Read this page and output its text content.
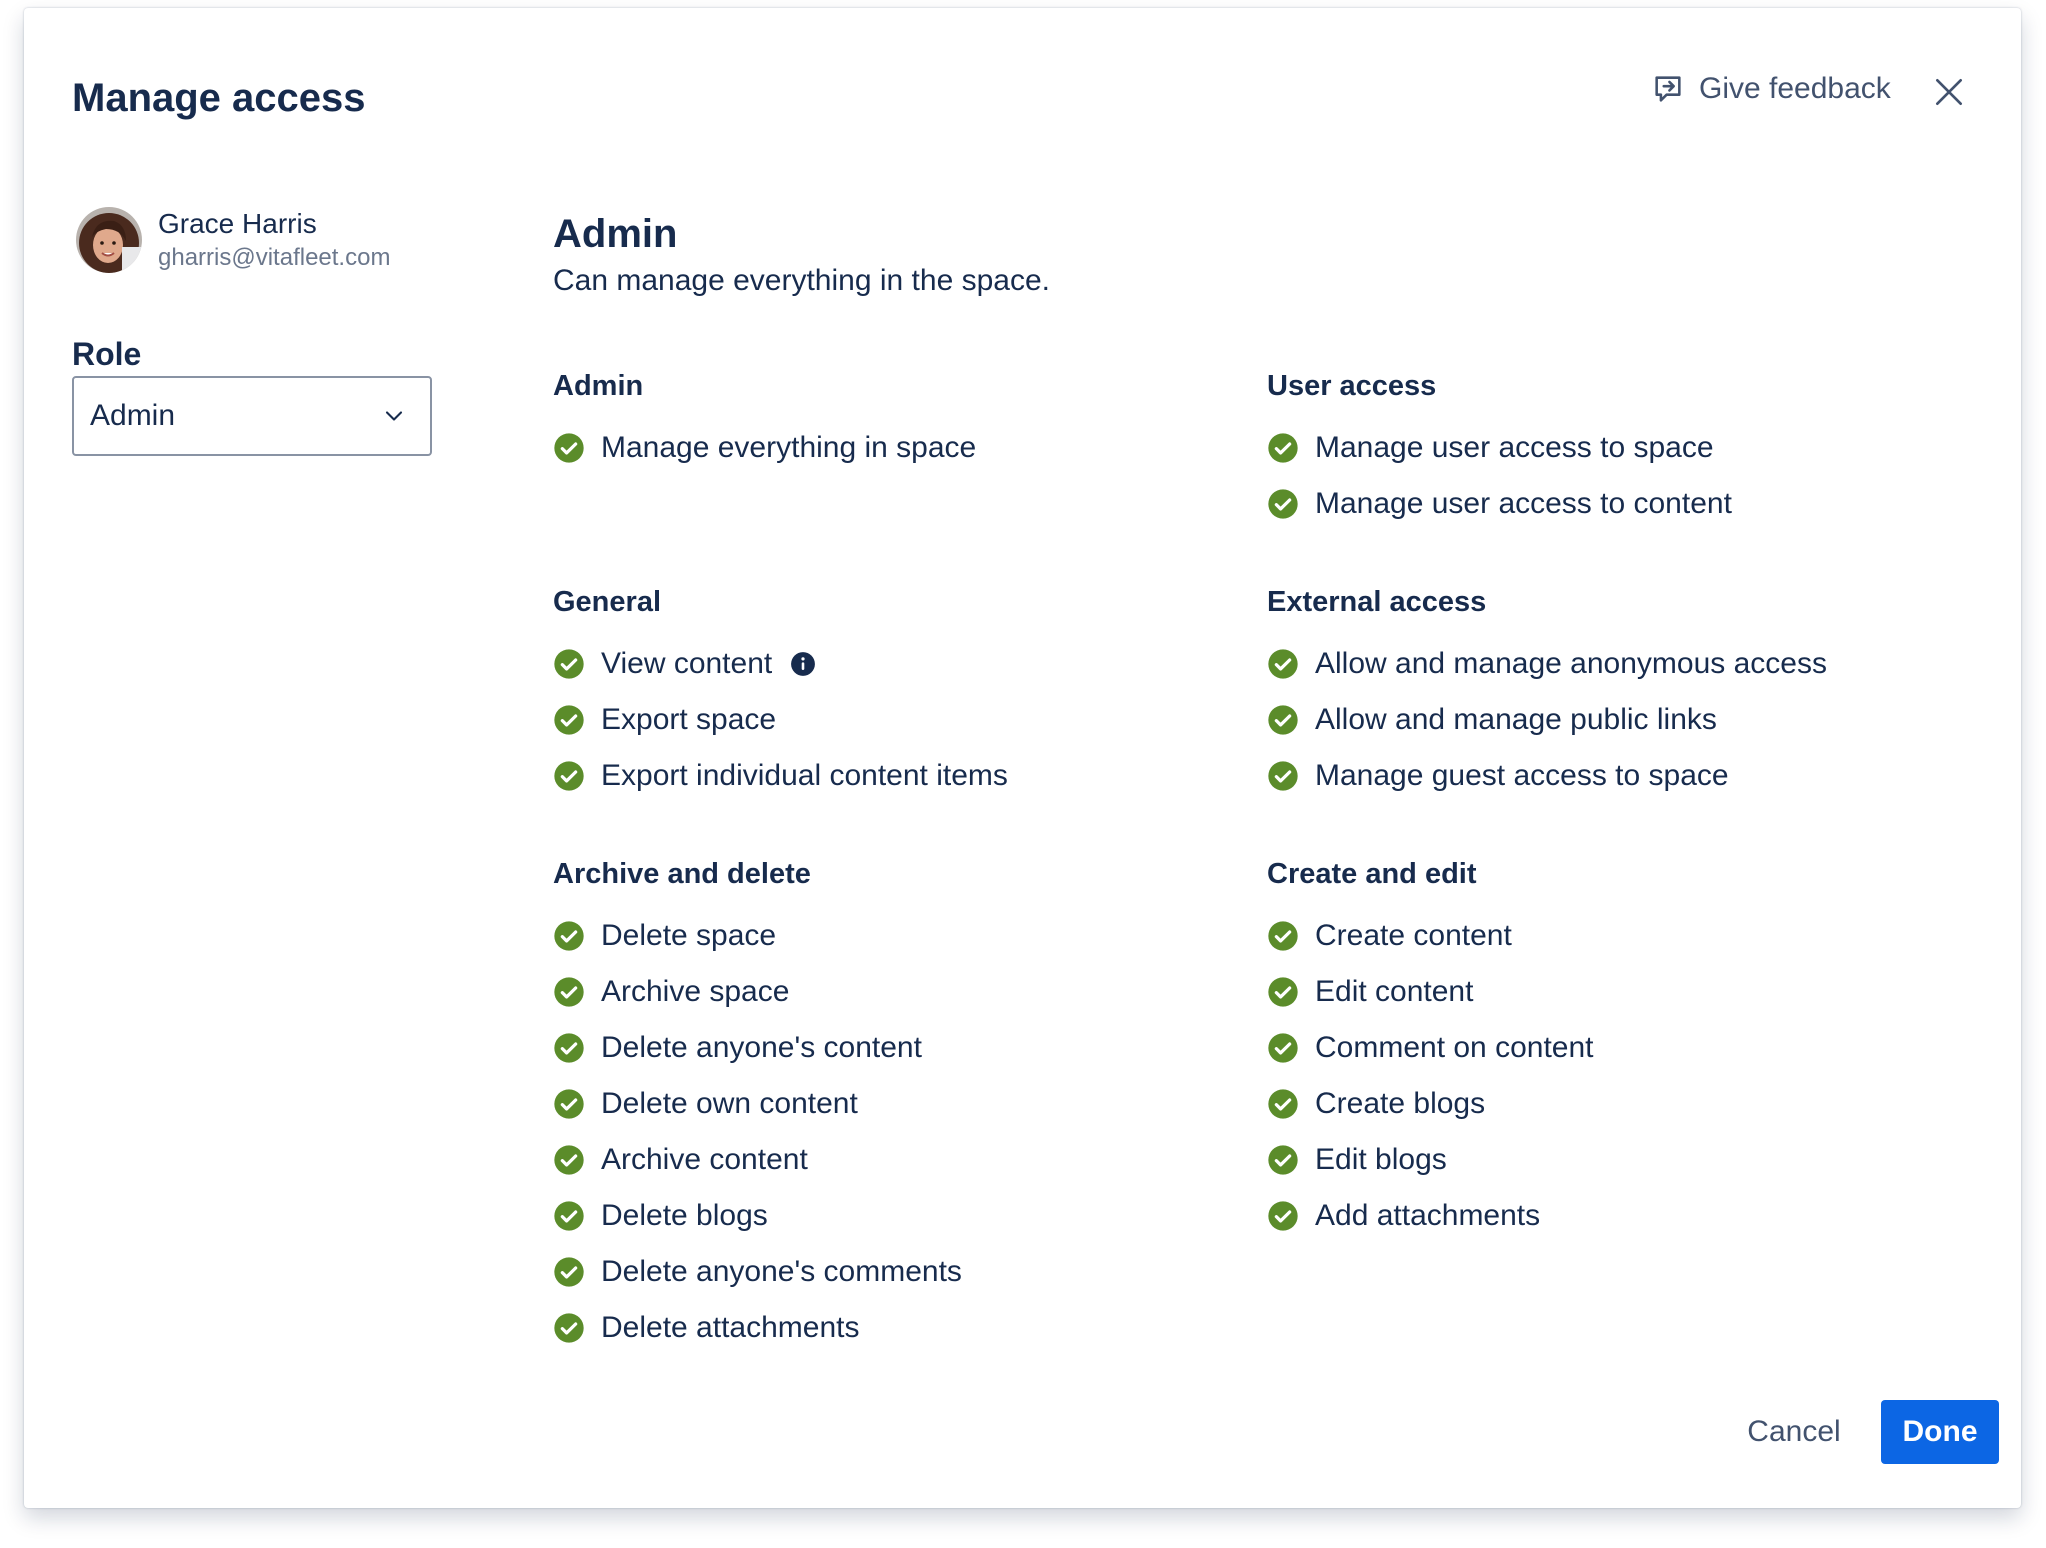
Manage access	Give feedback
Grace Harris
gharris@vitafleet.com
Role
Admin
Admin
Can manage everything in the space.
Admin
Manage everything in space
User access
Manage user access to space
Manage user access to content
General
View content
Export space
Export individual content items
External access
Allow and manage anonymous access
Allow and manage public links
Manage guest access to space
Archive and delete
Delete space
Archive space
Delete anyone's content
Delete own content
Archive content
Delete blogs
Delete anyone's comments
Delete attachments
Create and edit
Create content
Edit content
Comment on content
Create blogs
Edit blogs
Add attachments
Cancel	Done
